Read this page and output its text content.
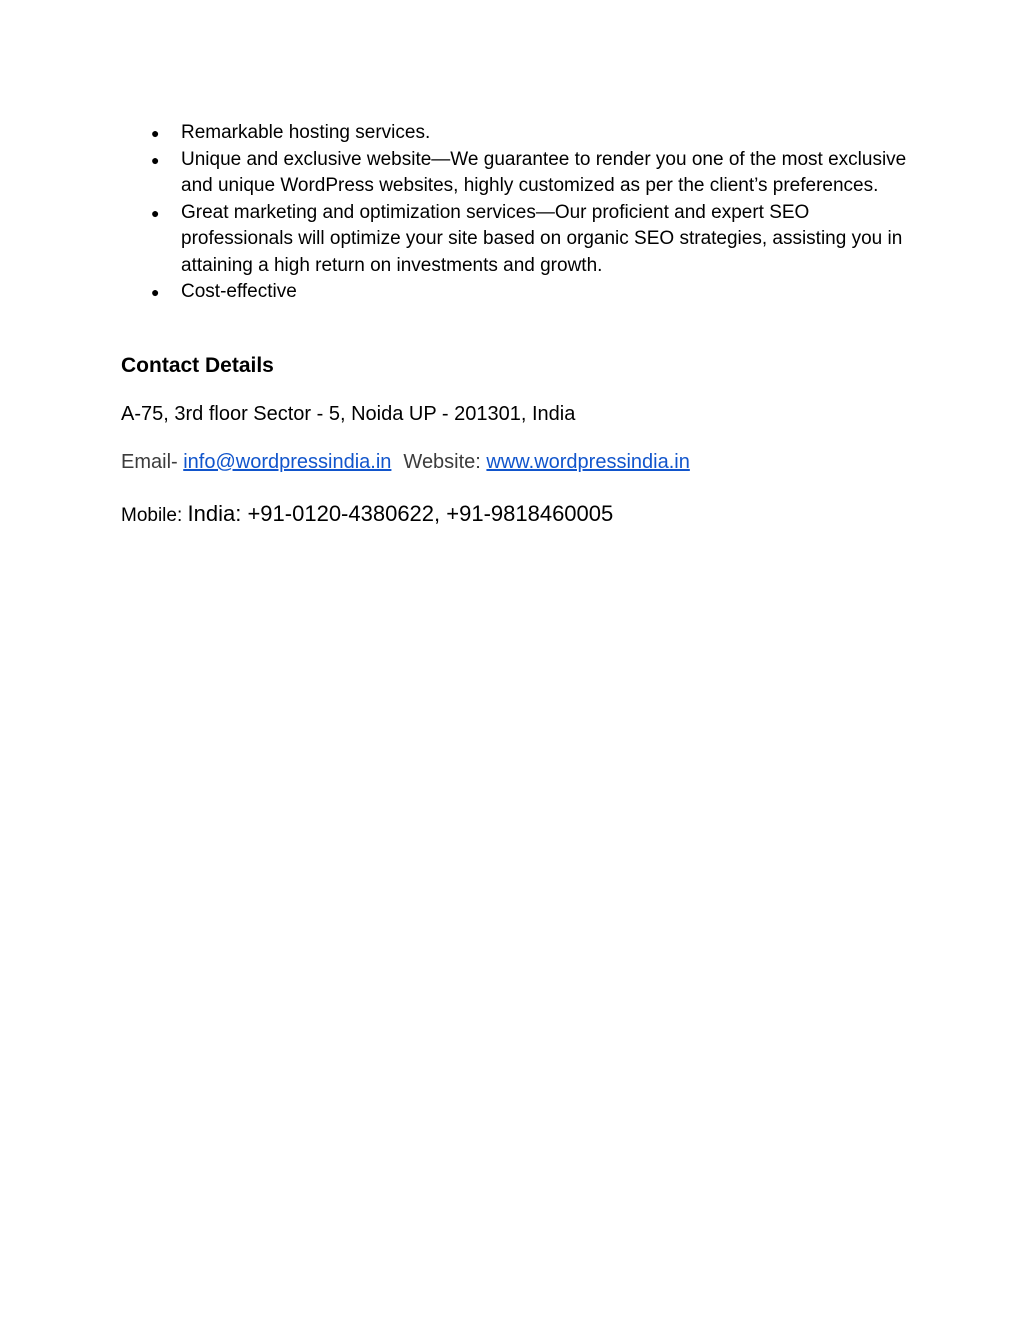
● Remarkable hosting services.
● Unique and exclusive website—We guarantee to render you one of the most exclusive and unique WordPress websites, highly customized as per the client’s preferences.
● Great marketing and optimization services—Our proficient and expert SEO professionals will optimize your site based on organic SEO strategies, assisting you in attaining a high return on investments and growth.
● Cost-effective
Contact Details
A-75, 3rd floor Sector - 5, Noida UP - 201301, India
Email- info@wordpressindia.in Website: www.wordpressindia.in
Mobile: India: +91-0120-4380622, +91-9818460005
